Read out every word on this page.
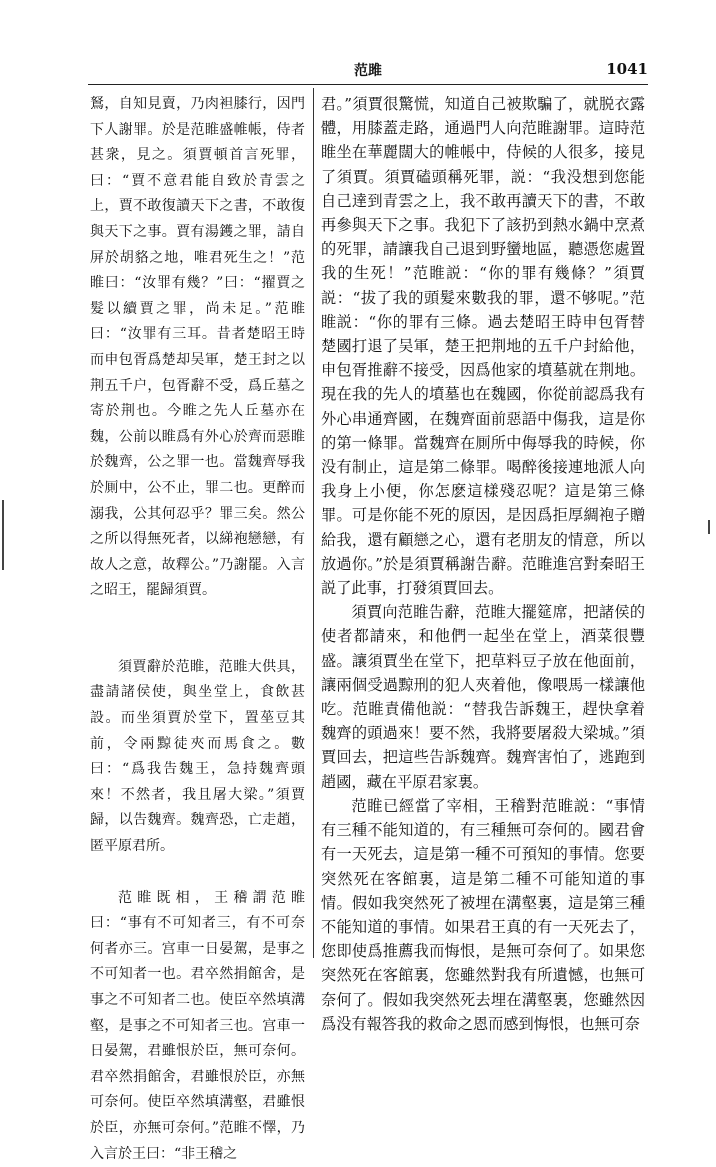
范雎	1041

鴑，自知見賣，乃肉袒膝行，因門下人謝罪。於是范睢盛帷帳，侍者甚衆，見之。須賈頓首言死罪，曰：“賈不意君能自致於青雲之上，賈不敢復讀天下之書，不敢復與天下之事。賈有湯鑊之罪，請自屏於胡貉之地，唯君死生之！”范睢曰：“汝罪有幾？”曰：“擢賈之髮以續賈之罪，尚未足。”范睢曰：“汝罪有三耳。昔者楚昭王時而申包胥爲楚却吴軍，楚王封之以荆五千户，包胥辭不受，爲丘墓之寄於荆也。今睢之先人丘墓亦在魏，公前以睢爲有外心於齊而惡睢於魏齊，公之罪一也。當魏齊辱我於厠中，公不止，罪二也。更醉而溺我，公其何忍乎？罪三矣。然公之所以得無死者，以綈袍戀戀，有故人之意，故釋公。”乃謝罷。入言之昭王，罷歸須賈。

須賈辭於范睢，范睢大供具，盡請諸侯使，與坐堂上，食飲甚設。而坐須賈於堂下，置莝豆其前，令兩黥徒夾而馬食之。數曰：“爲我告魏王，急持魏齊頭來！不然者，我且屠大梁。”須賈歸，以告魏齊。魏齊恐，亡走趙，匿平原君所。

范睢既相，王稽謂范睢曰：“事有不可知者三，有不可奈何者亦三。宫車一日晏駕，是事之不可知者一也。君卒然捐館舍，是事之不可知者二也。使臣卒然填溝壑，是事之不可知者三也。宫車一日晏駕，君雖恨於臣，無可奈何。君卒然捐館舍，君雖恨於臣，亦無可奈何。使臣卒然填溝壑，君雖恨於臣，亦無可奈何。”范睢不懌，乃入言於王曰：“非王稽之

君。”須賈很驚慌，知道自己被欺騙了，就脱衣露體，用膝蓋走路，通過門人向范睢謝罪。這時范睢坐在華麗闊大的帷帳中，侍候的人很多，接見了須賈。須賈磕頭稱死罪，説：“我没想到您能自己達到青雲之上，我不敢再讀天下的書，不敢再參與天下之事。我犯下了該扔到熱水鍋中烹煮的死罪，請讓我自己退到野蠻地區，聽憑您處置我的生死！”范睢説：“你的罪有幾條？”須賈説：“拔了我的頭髮來數我的罪，還不够呢。”范睢説：“你的罪有三條。過去楚昭王時申包胥替楚國打退了吴軍，楚王把荆地的五千户封給他，申包胥推辭不接受，因爲他家的墳墓就在荆地。現在我的先人的墳墓也在魏國，你從前認爲我有外心串通齊國，在魏齊面前惡語中傷我，這是你的第一條罪。當魏齊在厠所中侮辱我的時候，你没有制止，這是第二條罪。喝醉後接連地派人向我身上小便，你怎麽這樣殘忍呢？這是第三條罪。可是你能不死的原因，是因爲拒厚綢袍子贈給我，還有顧戀之心，還有老朋友的情意，所以放過你。”於是須賈稱謝告辭。范睢進宫對秦昭王説了此事，打發須賈回去。

須賈向范睢告辭，范睢大擺筵席，把諸侯的使者都請來，和他們一起坐在堂上，酒菜很豐盛。讓須賈坐在堂下，把草料豆子放在他面前，讓兩個受過黥刑的犯人夾着他，像喂馬一樣讓他吃。范睢責備他説：“替我告訴魏王，趕快拿着魏齊的頭過來！要不然，我將要屠殺大梁城。”須賈回去，把這些告訴魏齊。魏齊害怕了，逃跑到趙國，藏在平原君家裏。

范睢已經當了宰相，王稽對范睢説：“事情有三種不能知道的，有三種無可奈何的。國君會有一天死去，這是第一種不可預知的事情。您要突然死在客館裏，這是第二種不可能知道的事情。假如我突然死了被埋在溝壑裏，這是第三種不能知道的事情。如果君王真的有一天死去了，您即使爲推薦我而悔恨，是無可奈何了。如果您突然死在客館裏，您雖然對我有所遺憾，也無可奈何了。假如我突然死去埋在溝壑裏，您雖然因爲没有報答我的救命之恩而感到悔恨，也無可奈
